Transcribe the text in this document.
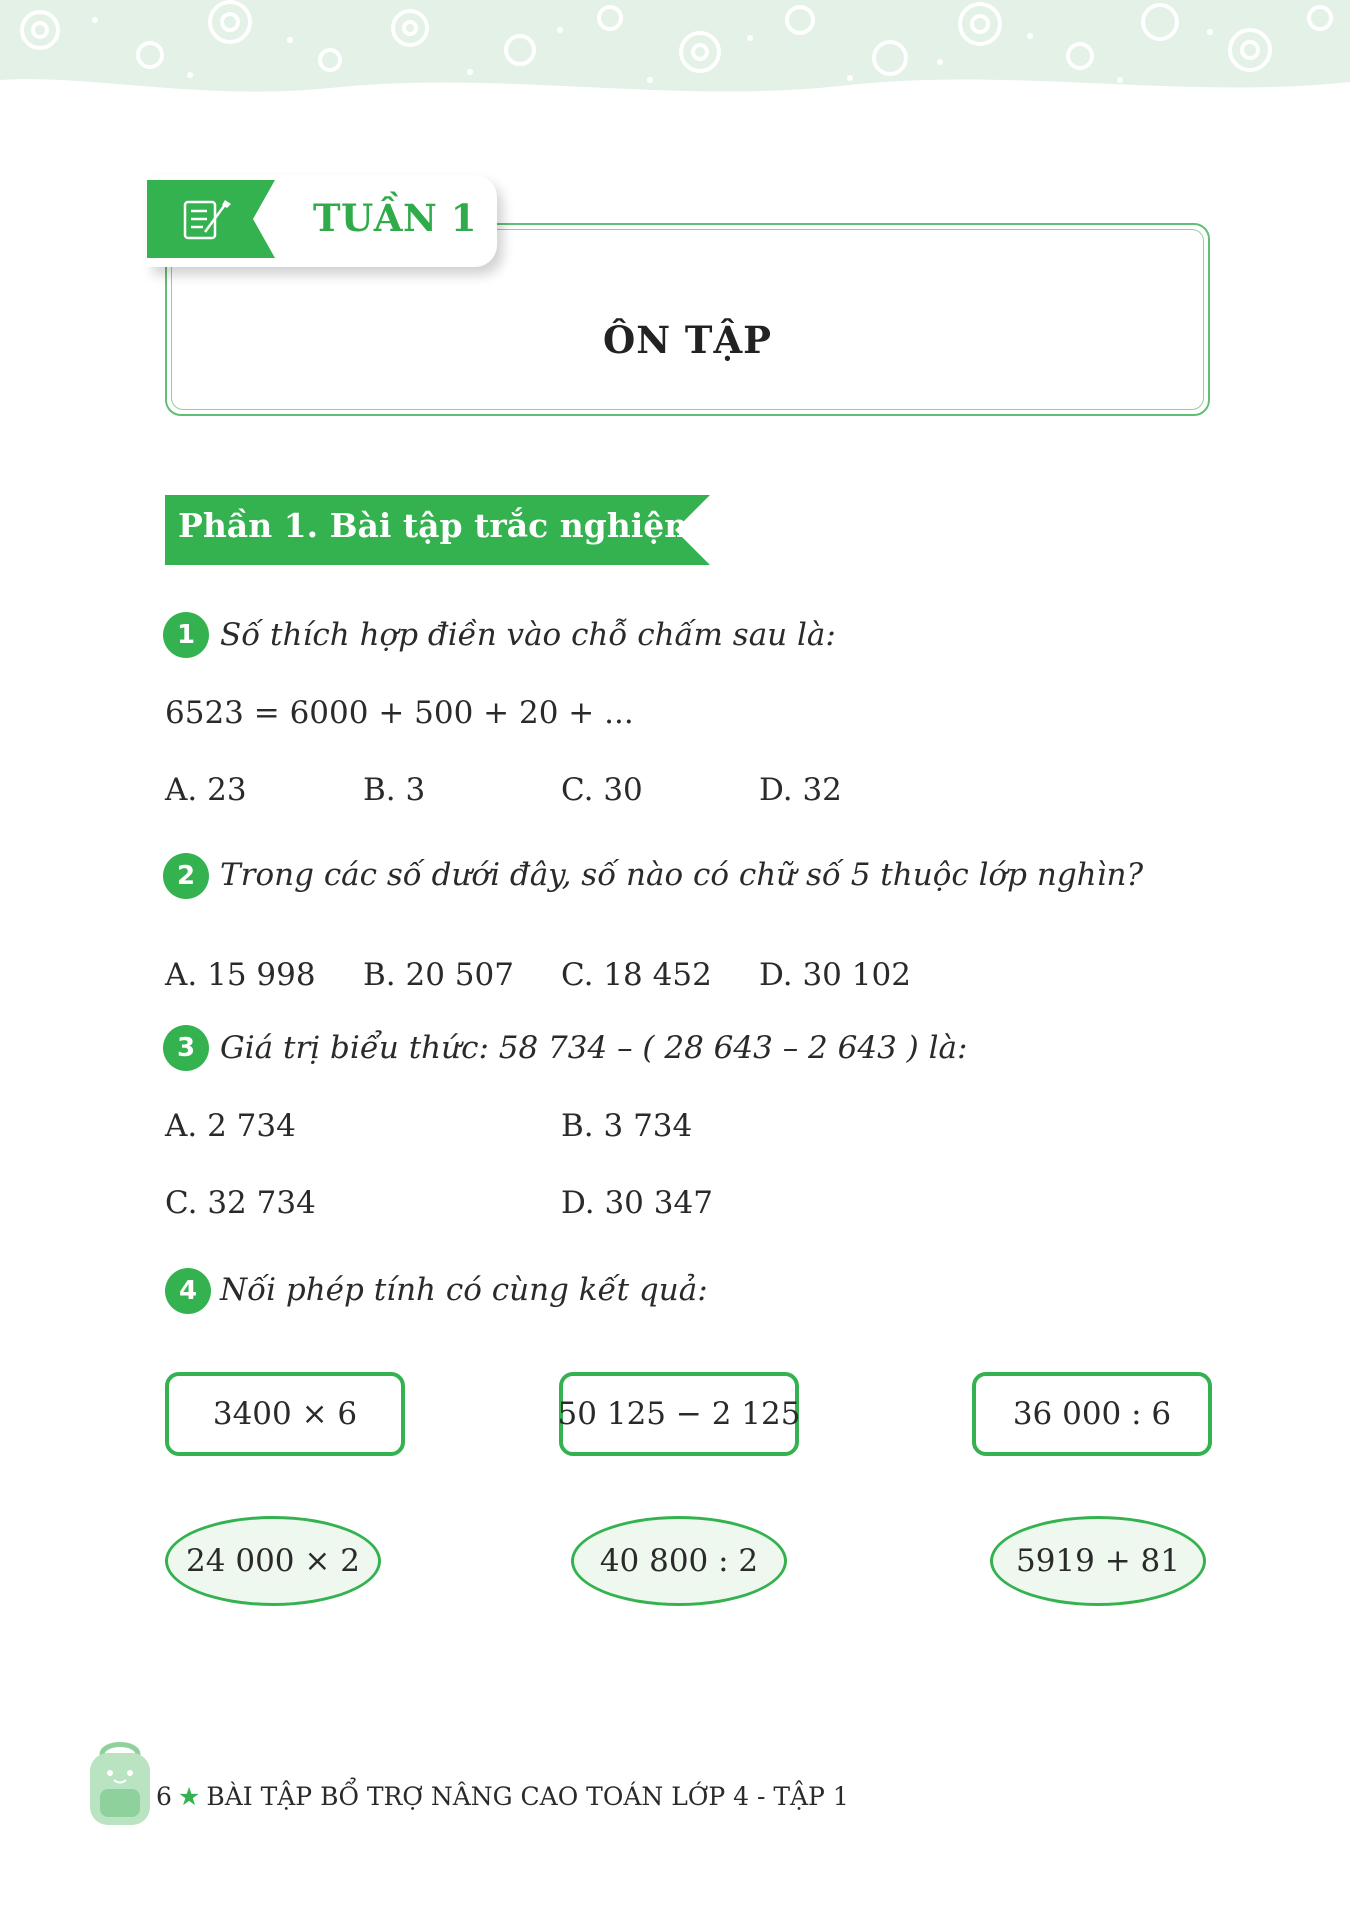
ÔN TẬP
TUẦN 1
Phần 1. Bài tập trắc nghiệm
1 Số thích hợp điền vào chỗ chấm sau là:
6523 = 6000 + 500 + 20 + ...
A. 23	B. 3	C. 30	D. 32
2 Trong các số dưới đây, số nào có chữ số 5 thuộc lớp nghìn?
A. 15 998 B. 20 507 C. 18 452 D. 30 102
3 Giá trị biểu thức: 58 734 – ( 28 643 – 2 643 ) là:
A. 2 734	B. 3 734
C. 32 734	D. 30 347
4 Nối phép tính có cùng kết quả:
3400 × 6	50 125 − 2 125	36 000 : 6
24 000 × 2	40 800 : 2	5919 + 81
6 ★ BÀI TẬP BỔ TRỢ NÂNG CAO TOÁN LỚP 4 - TẬP 1
